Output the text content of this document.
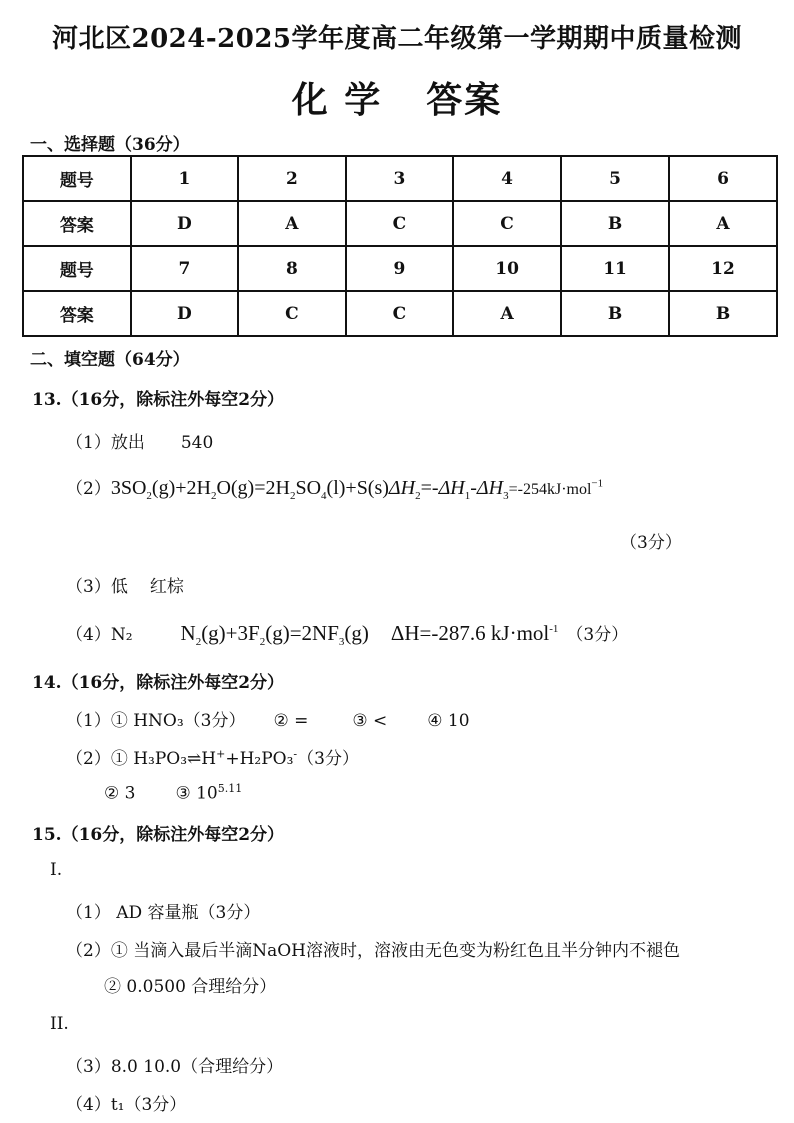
河北区2024-2025学年度高二年级第一学期期中质量检测
化 学 答案
一、选择题（36分）
题号	1	2	3	4	5	6
答案	D	A	C	C	B	A
题号	7	8	9	10	11	12
答案	D	C	C	A	B	B
二、填空题（64分）
13.（16分，除标注外每空2分）
（1）放出 540
$(2)3SO_2(g)+2H_2O(g)=2H_2SO_4(l)+S(s)\Delta H_2=-\Delta H_1-\Delta H_3=-254kJ\cdot mol^{-1}$
（3分）
（3）低 红棕
（4）N₂ $N_2(g)+3F_2(g)=2NF_3(g)$ ΔH=-287.6 kJ·mol$^{-1}$ （3分）
14.（16分，除标注外每空2分）
（1）① HNO₃（3分） ② =	③ < ④ 10
（2）① H₃PO₃⇌H++H₂PO₃-（3分）
② 3 ③ $10^{5.11}$
15.（16分，除标注外每空2分）
I.
（1） AD 容量瓶（3分）
（2）① 当滴入最后半滴NaOH溶液时，溶液由无色变为粉红色且半分钟内不褪色
② 0.0500 合理给分）
II.
（3）8.0 10.0（合理给分）
（4）t₁（3分）
